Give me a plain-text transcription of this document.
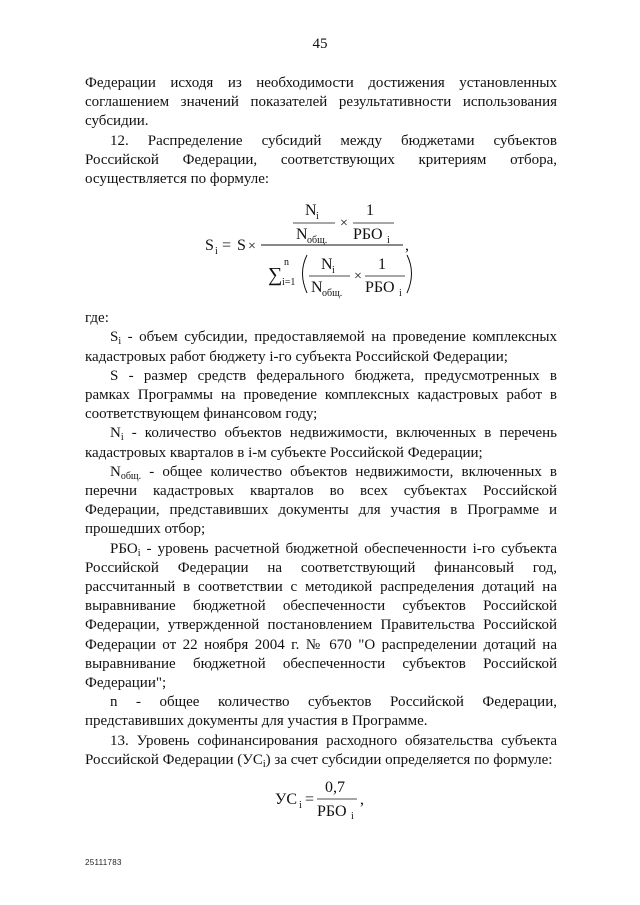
45

Федерации исходя из необходимости достижения установленных соглашением значений показателей результативности использования субсидии.

12. Распределение субсидий между бюджетами субъектов Российской Федерации, соответствующих критериям отбора, осуществляется по формуле:

S i = S ×
N i
N общ.
×
1
РБО i
∑
n
i=1
N i
N общ.
×
1
РБО i
,

где:

$S_i$ - объем субсидии, предоставляемой на проведение комплексных кадастровых работ бюджету i-го субъекта Российской Федерации;

S - размер средств федерального бюджета, предусмотренных в рамках Программы на проведение комплексных кадастровых работ в соответствующем финансовом году;

$N_i$ - количество объектов недвижимости, включенных в перечень кадастровых кварталов в i-м субъекте Российской Федерации;

$N_{общ.}$ - общее количество объектов недвижимости, включенных в перечни кадастровых кварталов во всех субъектах Российской Федерации, представивших документы для участия в Программе и прошедших отбор;

$РБО_i$ - уровень расчетной бюджетной обеспеченности i-го субъекта Российской Федерации на соответствующий финансовый год, рассчитанный в соответствии с методикой распределения дотаций на выравнивание бюджетной обеспеченности субъектов Российской Федерации, утвержденной постановлением Правительства Российской Федерации от 22 ноября 2004 г. № 670 "О распределении дотаций на выравнивание бюджетной обеспеченности субъектов Российской Федерации";

n - общее количество субъектов Российской Федерации, представивших документы для участия в Программе.

13. Уровень софинансирования расходного обязательства субъекта Российской Федерации $(УС_i)$ за счет субсидии определяется по формуле:

УС i =
0,7
РБО i
,
25111783
